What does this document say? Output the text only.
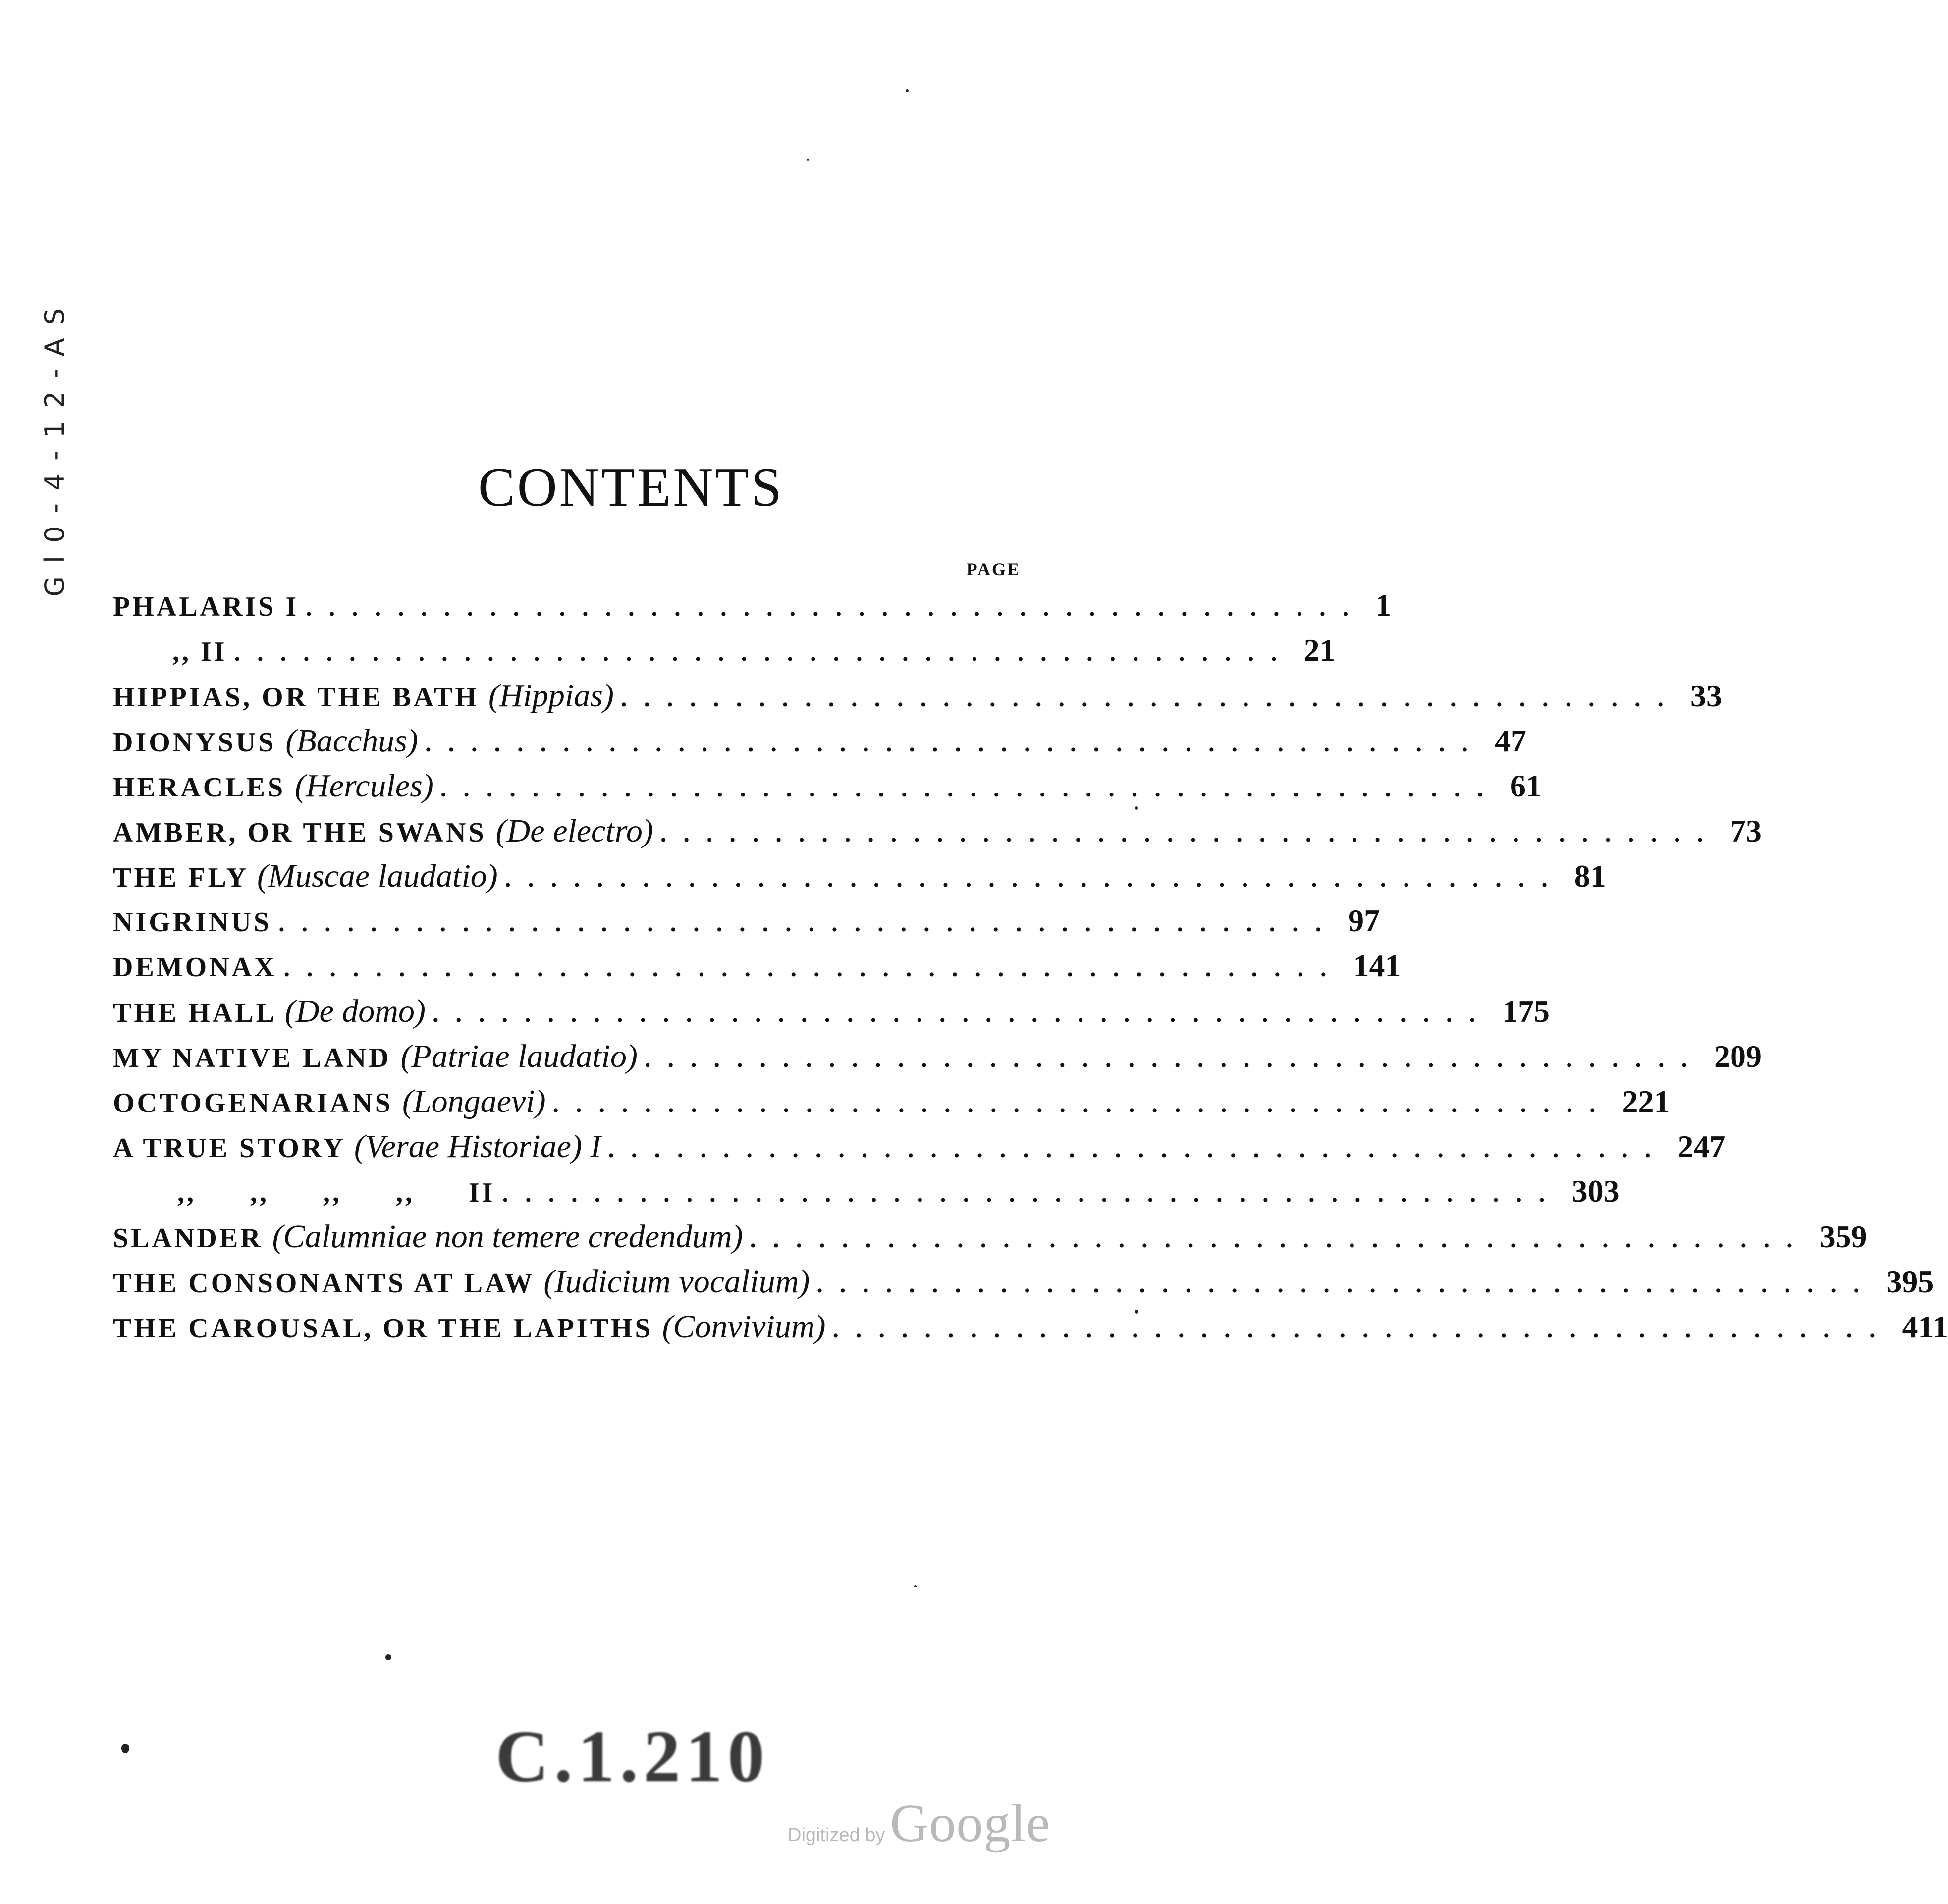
Gl0-4-12-AS	CONTENTS
PAGE
PHALARIS I .............................................. 1
,, II .............................................. 21
HIPPIAS, OR THE BATH (Hippias) .............................................. 33
DIONYSUS (Bacchus) .............................................. 47
HERACLES (Hercules) .............................................. 61
AMBER, OR THE SWANS (De electro) .............................................. 73
THE FLY (Muscae laudatio) .............................................. 81
NIGRINUS .............................................. 97
DEMONAX .............................................. 141
THE HALL (De domo) .............................................. 175
MY NATIVE LAND (Patriae laudatio) .............................................. 209
OCTOGENARIANS (Longaevi) .............................................. 221
A TRUE STORY (Verae Historiae) I .............................................. 247
,, ,, ,, ,, II .............................................. 303
SLANDER (Calumniae non temere credendum) .............................................. 359
THE CONSONANTS AT LAW (Iudicium vocalium) .............................................. 395
THE CAROUSAL, OR THE LAPITHS (Convivium) .............................................. 411
C.1.210
Digitized by Google
